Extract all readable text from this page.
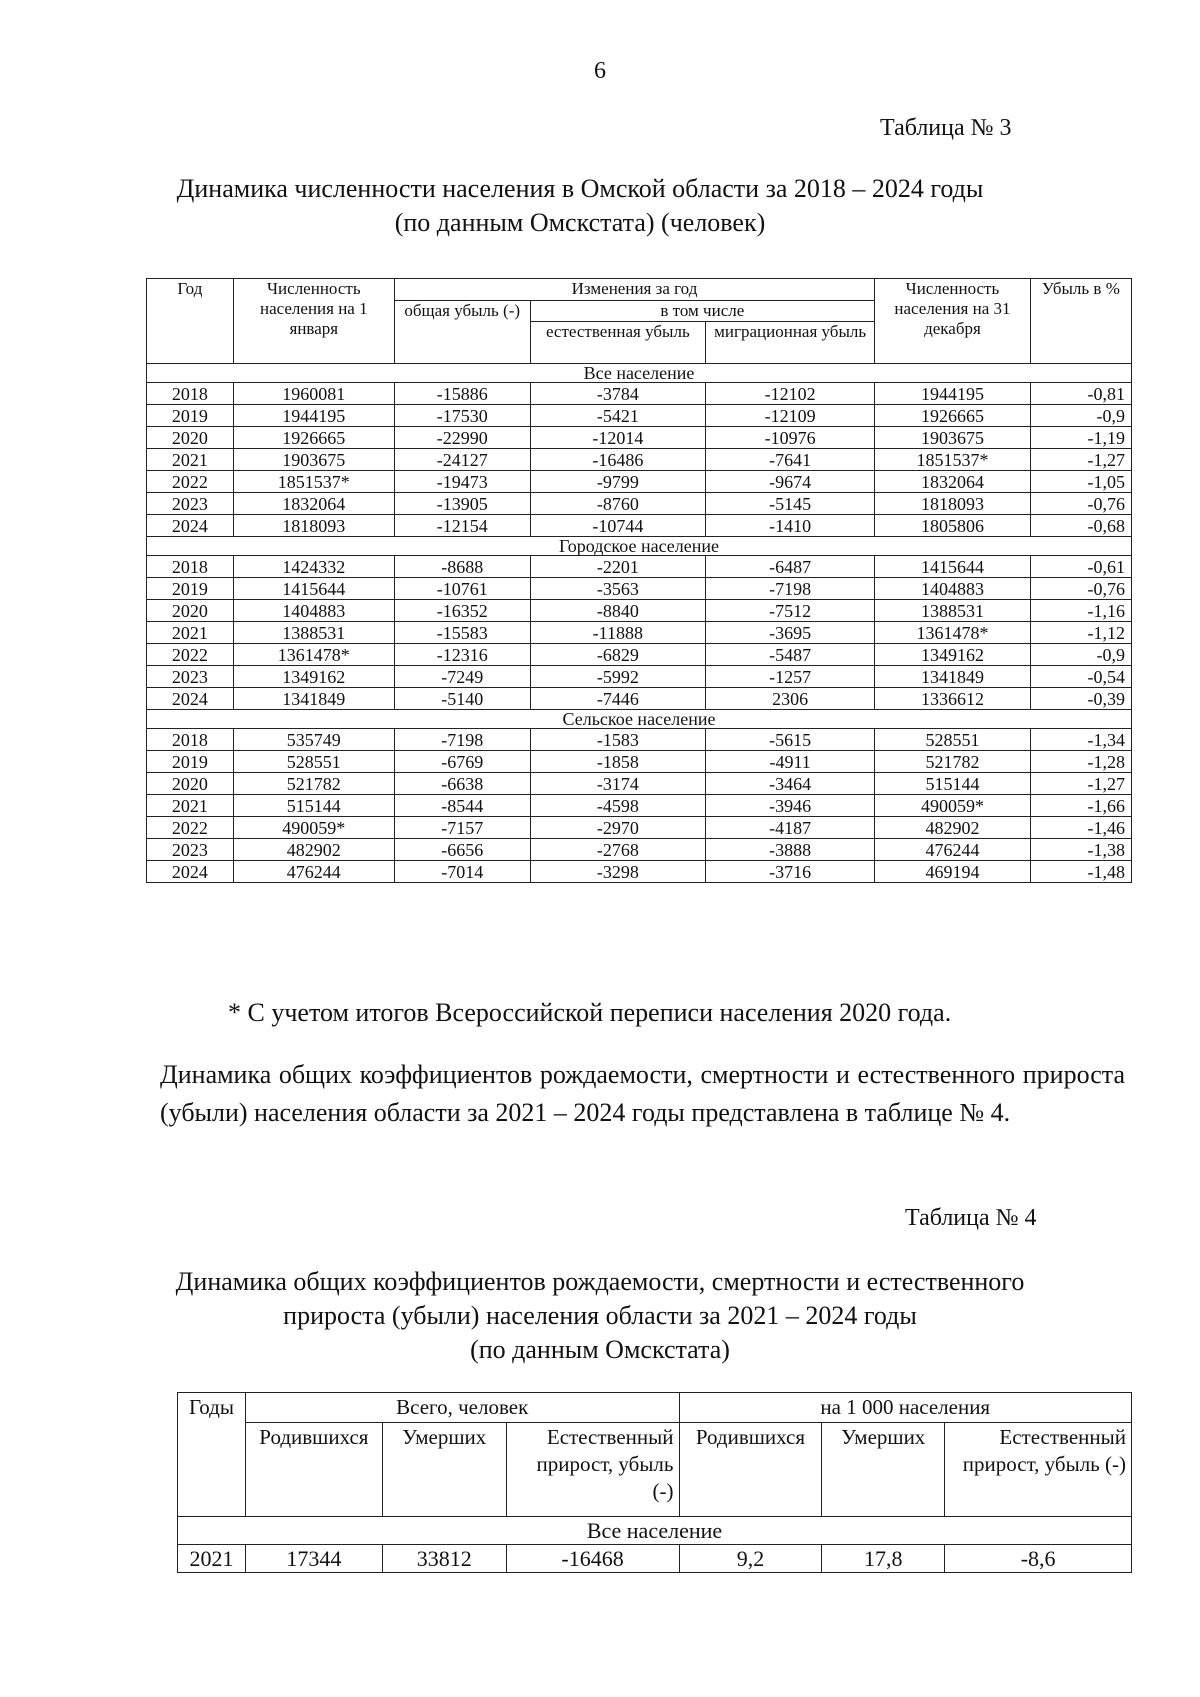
6
Таблица № 3
Динамика численности населения в Омской области за 2018 – 2024 годы
(по данным Омскстата) (человек)
Год	Численность населения на 1 января	Изменения за год			Численность населения на 31 декабря	Убыль в %
		общая убыль (-)	в том числе			
			естественная убыль	миграционная убыль		
Все население						
2018	1960081	-15886	-3784	-12102	1944195	-0,81
2019	1944195	-17530	-5421	-12109	1926665	-0,9
2020	1926665	-22990	-12014	-10976	1903675	-1,19
2021	1903675	-24127	-16486	-7641	1851537*	-1,27
2022	1851537*	-19473	-9799	-9674	1832064	-1,05
2023	1832064	-13905	-8760	-5145	1818093	-0,76
2024	1818093	-12154	-10744	-1410	1805806	-0,68
Городское население						
2018	1424332	-8688	-2201	-6487	1415644	-0,61
2019	1415644	-10761	-3563	-7198	1404883	-0,76
2020	1404883	-16352	-8840	-7512	1388531	-1,16
2021	1388531	-15583	-11888	-3695	1361478*	-1,12
2022	1361478*	-12316	-6829	-5487	1349162	-0,9
2023	1349162	-7249	-5992	-1257	1341849	-0,54
2024	1341849	-5140	-7446	2306	1336612	-0,39
Сельское население						
2018	535749	-7198	-1583	-5615	528551	-1,34
2019	528551	-6769	-1858	-4911	521782	-1,28
2020	521782	-6638	-3174	-3464	515144	-1,27
2021	515144	-8544	-4598	-3946	490059*	-1,66
2022	490059*	-7157	-2970	-4187	482902	-1,46
2023	482902	-6656	-2768	-3888	476244	-1,38
2024	476244	-7014	-3298	-3716	469194	-1,48
* С учетом итогов Всероссийской переписи населения 2020 года.
Динамика общих коэффициентов рождаемости, смертности и естественного прироста (убыли) населения области за 2021 – 2024 годы представлена в таблице № 4.
Таблица № 4
Динамика общих коэффициентов рождаемости, смертности и естественного
прироста (убыли) населения области за 2021 – 2024 годы
(по данным Омскстата)
Годы	Всего, человек			на 1 000 населения		
	Родившихся	Умерших	Естественный прирост, убыль (-)	Родившихся	Умерших	Естественный прирост, убыль (-)
Все население						
2021	17344	33812	-16468	9,2	17,8	-8,6
